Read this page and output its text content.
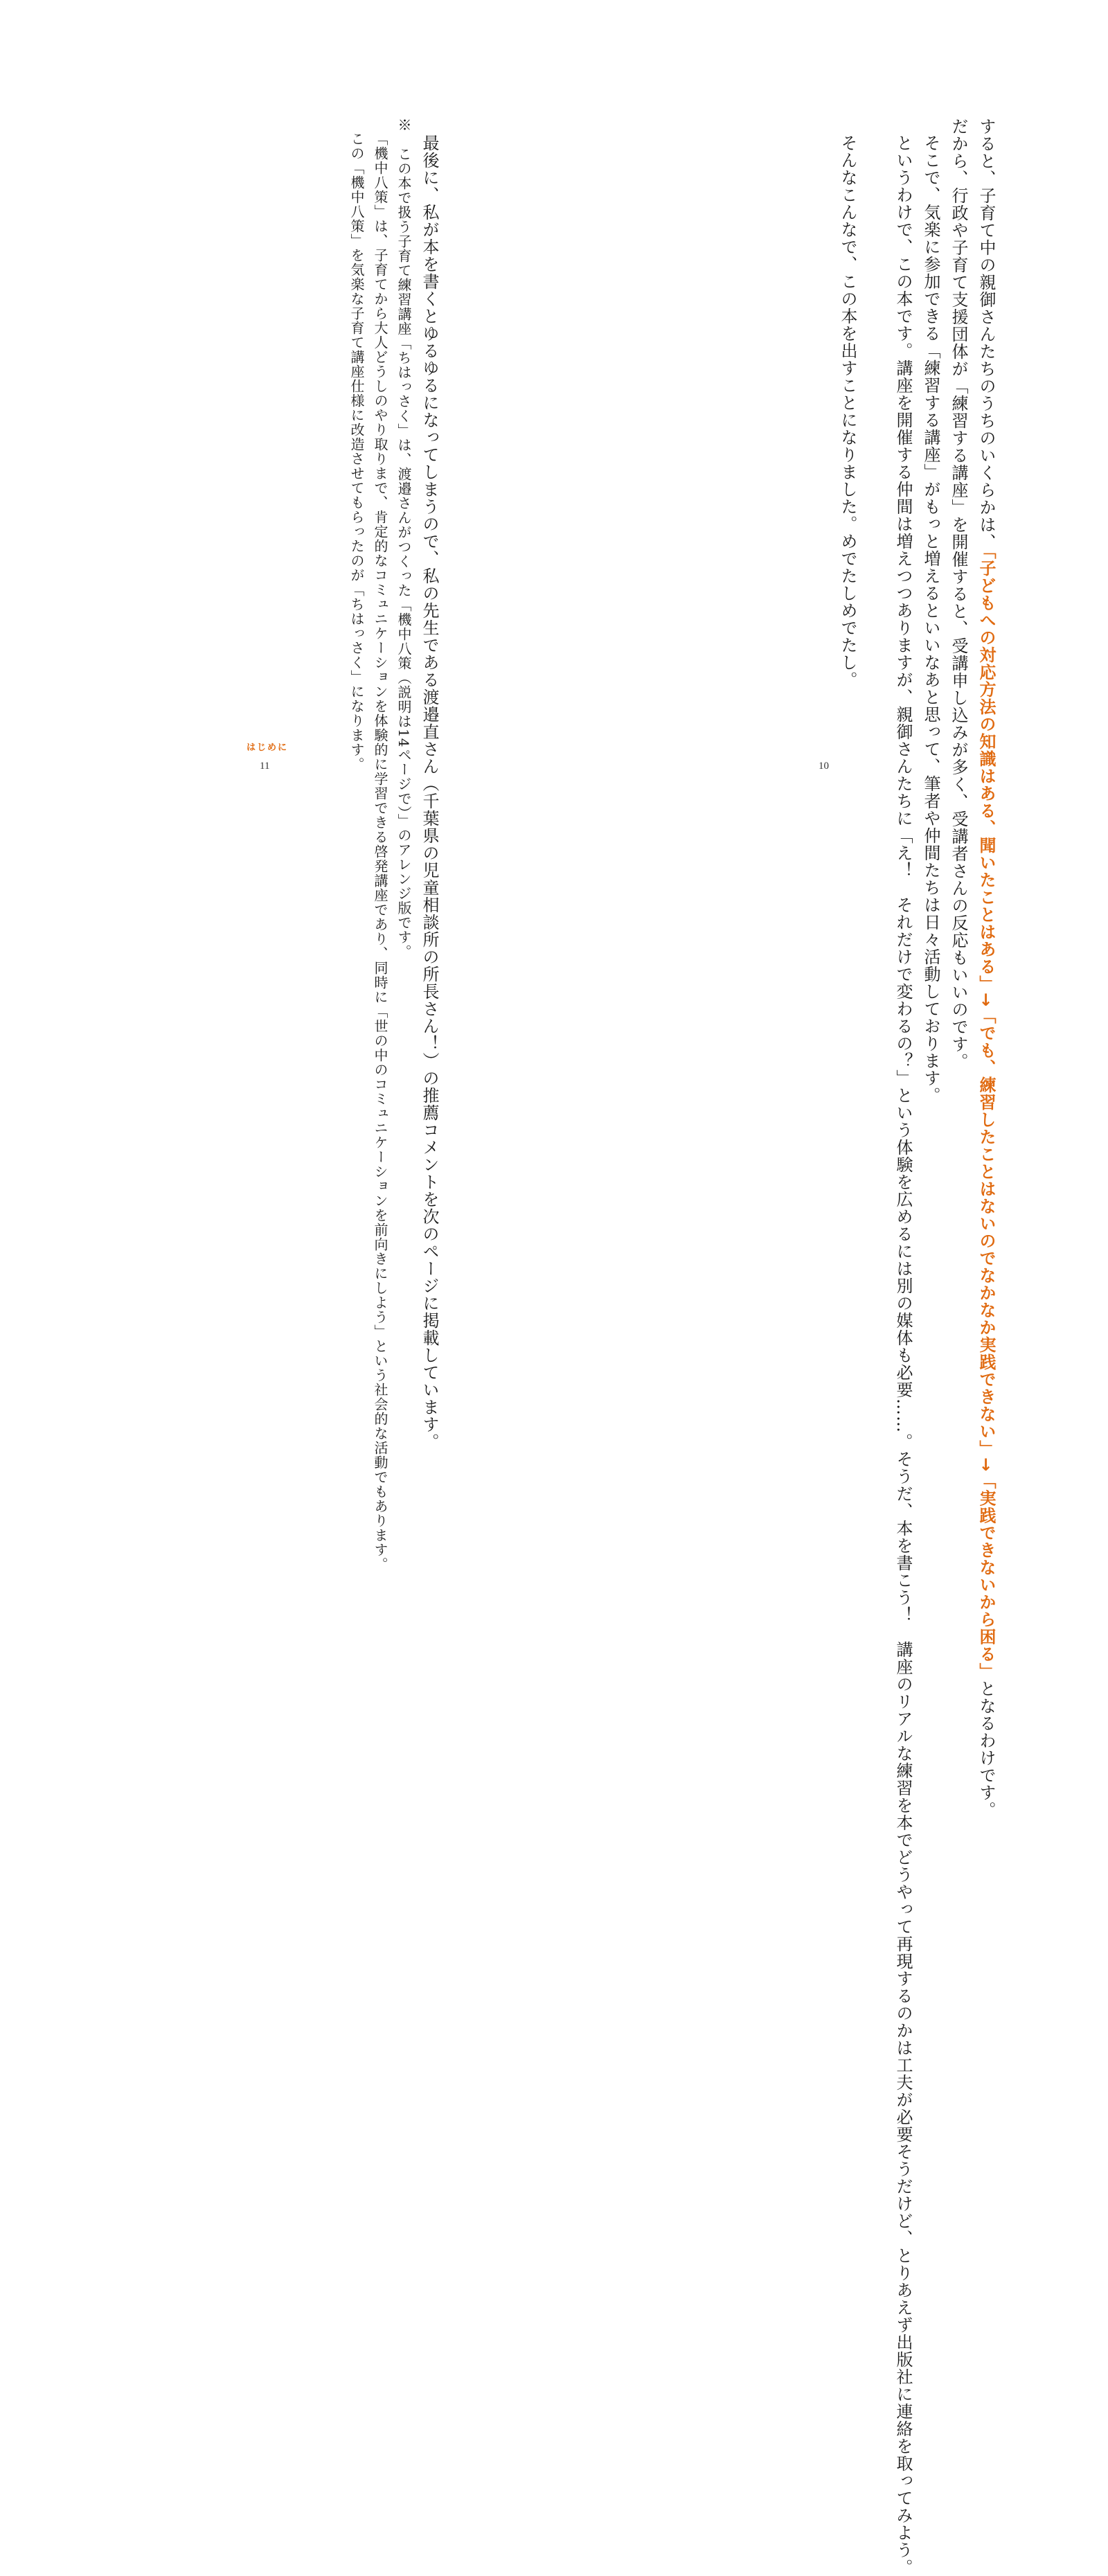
すると、子育て中の親御さんたちのうちのいくらかは、「子どもへの対応方法の知識はある、聞いたことはある」→「でも、練習したことはないのでなかなか実践できない」→「実践できないから困る」となるわけです。

だから、行政や子育て支援団体が「練習する講座」を開催すると、受講申し込みが多く、受講者さんの反応もいいのです。

そこで、気楽に参加できる「練習する講座」がもっと増えるといいなあと思って、筆者や仲間たちは日々活動しております。

というわけで、この本です。講座を開催する仲間は増えつつありますが、親御さんたちに「え！　それだけで変わるの？」という体験を広めるには別の媒体も必要……。そうだ、本を書こう！　講座のリアルな練習を本でどうやって再現するのかは工夫が必要そうだけど、とりあえず出版社に連絡を取ってみよう。

そんなこんなで、この本を出すことになりました。めでたしめでたし。

10

最後に、私が本を書くとゆるゆるになってしまうので、私の先生である渡邉直さん（千葉県の児童相談所の所長さん！）の推薦コメントを次のページに掲載しています。

※　この本で扱う子育て練習講座「ちはっさく」は、渡邉さんがつくった「機中八策（説明は14ページで）」のアレンジ版です。

「機中八策」は、子育てから大人どうしのやり取りまで、肯定的なコミュニケーションを体験的に学習できる啓発講座であり、同時に「世の中のコミュニケーションを前向きにしよう」という社会的な活動でもあります。

この「機中八策」を気楽な子育て講座仕様に改造させてもらったのが「ちはっさく」になります。

はじめに
11
